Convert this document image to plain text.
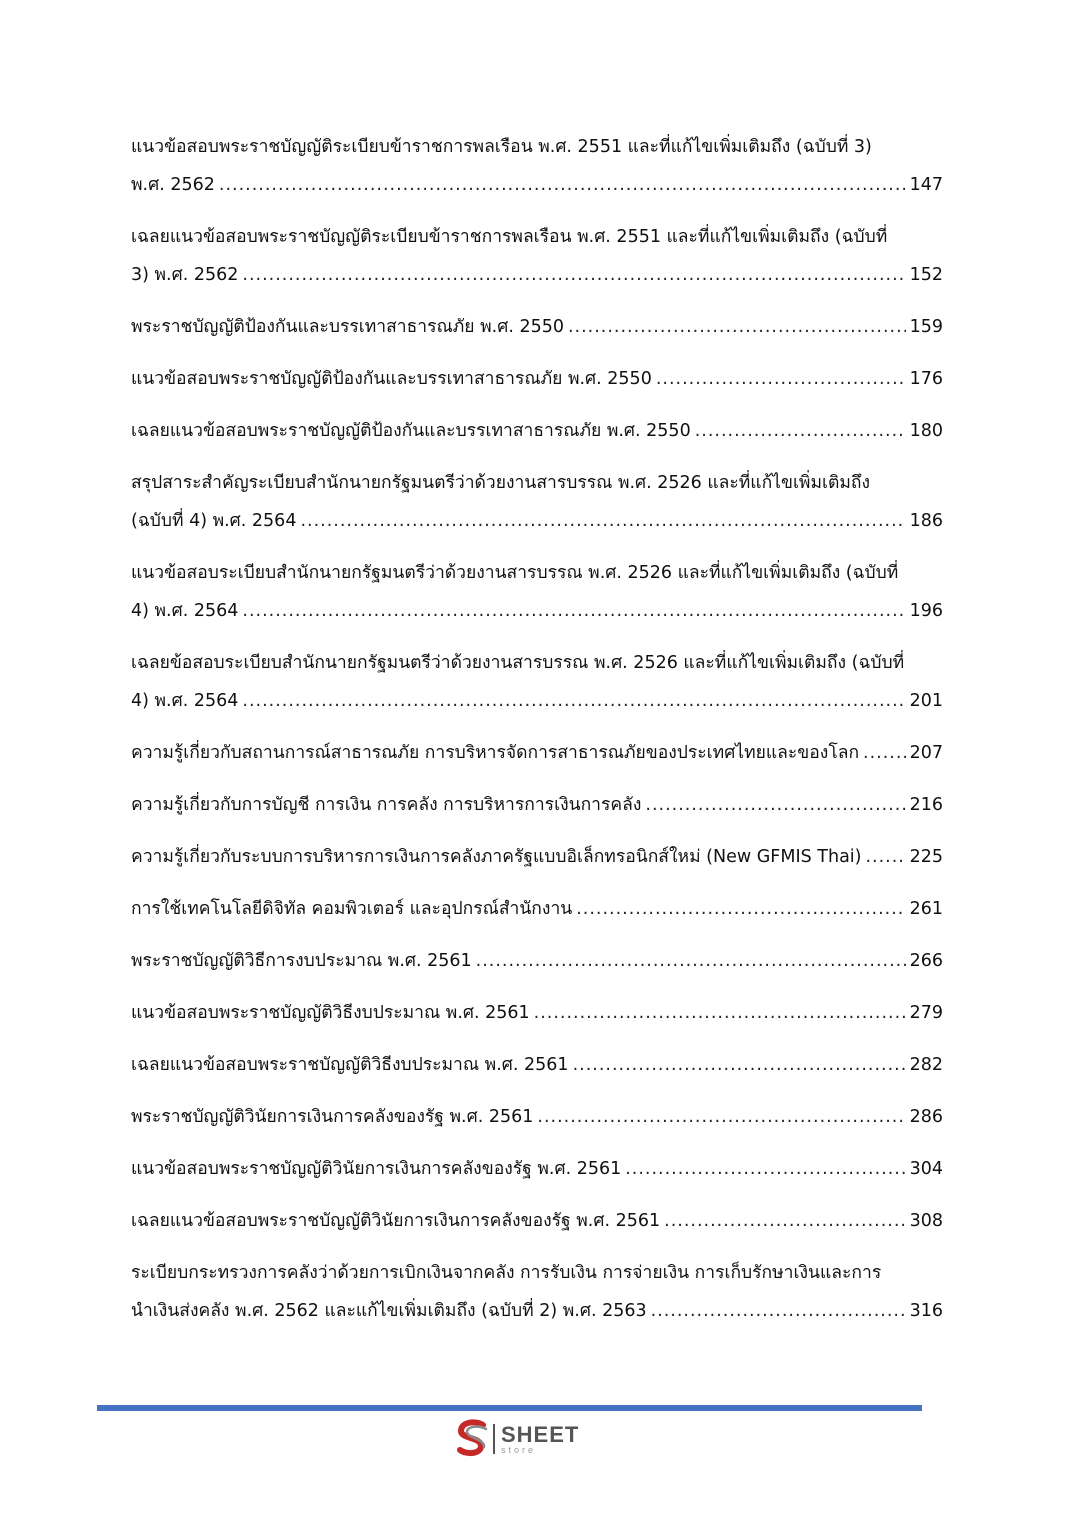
แนวข้อสอบพระราชบัญญัติระเบียบข้าราชการพลเรือน พ.ศ. 2551 และที่แก้ไขเพิ่มเติมถึง (ฉบับที่ 3)
พ.ศ. 2562 .....	147
เฉลยแนวข้อสอบพระราชบัญญัติระเบียบข้าราชการพลเรือน พ.ศ. 2551 และที่แก้ไขเพิ่มเติมถึง (ฉบับที่
3) พ.ศ. 2562 .....	152
พระราชบัญญัติป้องกันและบรรเทาสาธารณภัย พ.ศ. 2550 .....	159
แนวข้อสอบพระราชบัญญัติป้องกันและบรรเทาสาธารณภัย พ.ศ. 2550 .....	176
เฉลยแนวข้อสอบพระราชบัญญัติป้องกันและบรรเทาสาธารณภัย พ.ศ. 2550 .....	180
สรุปสาระสำคัญระเบียบสำนักนายกรัฐมนตรีว่าด้วยงานสารบรรณ พ.ศ. 2526 และที่แก้ไขเพิ่มเติมถึง
(ฉบับที่ 4) พ.ศ. 2564 .....	186
แนวข้อสอบระเบียบสำนักนายกรัฐมนตรีว่าด้วยงานสารบรรณ พ.ศ. 2526 และที่แก้ไขเพิ่มเติมถึง (ฉบับที่
4) พ.ศ. 2564 .....	196
เฉลยข้อสอบระเบียบสำนักนายกรัฐมนตรีว่าด้วยงานสารบรรณ พ.ศ. 2526 และที่แก้ไขเพิ่มเติมถึง (ฉบับที่
4) พ.ศ. 2564 .....	201
ความรู้เกี่ยวกับสถานการณ์สาธารณภัย การบริหารจัดการสาธารณภัยของประเทศไทยและของโลก .....	207
ความรู้เกี่ยวกับการบัญชี การเงิน การคลัง การบริหารการเงินการคลัง .....	216
ความรู้เกี่ยวกับระบบการบริหารการเงินการคลังภาครัฐแบบอิเล็กทรอนิกส์ใหม่ (New GFMIS Thai) .....	225
การใช้เทคโนโลยีดิจิทัล คอมพิวเตอร์ และอุปกรณ์สำนักงาน .....	261
พระราชบัญญัติวิธีการงบประมาณ พ.ศ. 2561 .....	266
แนวข้อสอบพระราชบัญญัติวิธีงบประมาณ พ.ศ. 2561 .....	279
เฉลยแนวข้อสอบพระราชบัญญัติวิธีงบประมาณ พ.ศ. 2561 .....	282
พระราชบัญญัติวินัยการเงินการคลังของรัฐ พ.ศ. 2561 .....	286
แนวข้อสอบพระราชบัญญัติวินัยการเงินการคลังของรัฐ พ.ศ. 2561 .....	304
เฉลยแนวข้อสอบพระราชบัญญัติวินัยการเงินการคลังของรัฐ พ.ศ. 2561 .....	308
ระเบียบกระทรวงการคลังว่าด้วยการเบิกเงินจากคลัง การรับเงิน การจ่ายเงิน การเก็บรักษาเงินและการ
นำเงินส่งคลัง พ.ศ. 2562 และแก้ไขเพิ่มเติมถึง (ฉบับที่ 2) พ.ศ. 2563 .....	316
SHEET
store
